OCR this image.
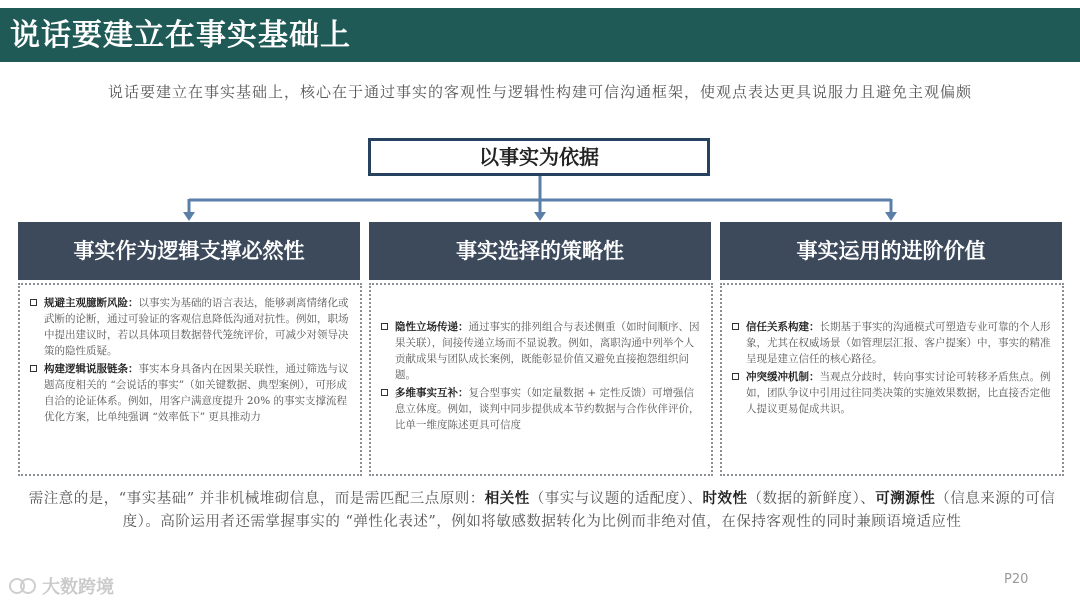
说话要建立在事实基础上
说话要建立在事实基础上，核心在于通过事实的客观性与逻辑性构建可信沟通框架，使观点表达更具说服力且避免主观偏颇
以事实为依据
事实作为逻辑支撑必然性
规避主观臆断风险：以事实为基础的语言表达，能够剥离情绪化或武断的论断，通过可验证的客观信息降低沟通对抗性。例如，职场中提出建议时，若以具体项目数据替代笼统评价，可减少对领导决策的隐性质疑。
构建逻辑说服链条：事实本身具备内在因果关联性，通过筛选与议题高度相关的 “会说话的事实”（如关键数据、典型案例），可形成自洽的论证体系。例如，用客户满意度提升 20% 的事实支撑流程优化方案，比单纯强调 “效率低下” 更具推动力
事实选择的策略性
隐性立场传递：通过事实的排列组合与表述侧重（如时间顺序、因果关联），间接传递立场而不显说教。例如，离职沟通中列举个人贡献成果与团队成长案例，既能彰显价值又避免直接抱怨组织问题。
多维事实互补：复合型事实（如定量数据 + 定性反馈）可增强信息立体度。例如，谈判中同步提供成本节约数据与合作伙伴评价，比单一维度陈述更具可信度
事实运用的进阶价值
信任关系构建：长期基于事实的沟通模式可塑造专业可靠的个人形象，尤其在权威场景（如管理层汇报、客户提案）中，事实的精准呈现是建立信任的核心路径。
冲突缓冲机制：当观点分歧时，转向事实讨论可转移矛盾焦点。例如，团队争议中引用过往同类决策的实施效果数据，比直接否定他人提议更易促成共识。
需注意的是，“事实基础” 并非机械堆砌信息，而是需匹配三点原则：相关性（事实与议题的适配度）、时效性（数据的新鲜度）、可溯源性（信息来源的可信度）。高阶运用者还需掌握事实的 “弹性化表述”，例如将敏感数据转化为比例而非绝对值，在保持客观性的同时兼顾语境适应性
大数跨境	P20
